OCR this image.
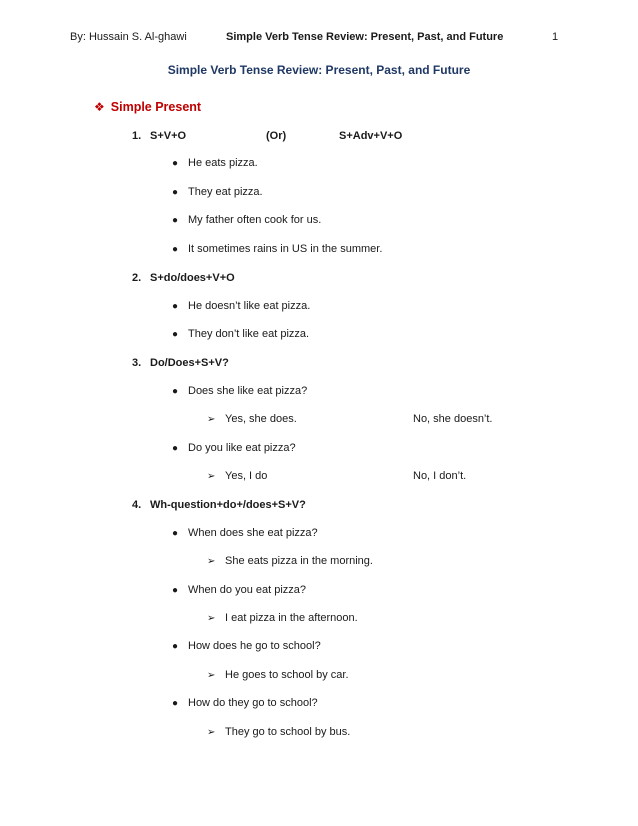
By: Hussain S. Al-ghawi	Simple Verb Tense Review: Present, Past, and Future	1
Simple Verb Tense Review: Present, Past, and Future
❖ Simple Present
1. S+V+O	(Or)	S+Adv+V+O
● He eats pizza.
● They eat pizza.
● My father often cook for us.
● It sometimes rains in US in the summer.
2. S+do/does+V+O
● He doesn’t like eat pizza.
● They don’t like eat pizza.
3. Do/Does+S+V?
● Does she like eat pizza?
➢ Yes, she does.	No, she doesn’t.
● Do you like eat pizza?
➢ Yes, I do	No, I don’t.
4. Wh-question+do+/does+S+V?
● When does she eat pizza?
➢ She eats pizza in the morning.
● When do you eat pizza?
➢ I eat pizza in the afternoon.
● How does he go to school?
➢ He goes to school by car.
● How do they go to school?
➢ They go to school by bus.
